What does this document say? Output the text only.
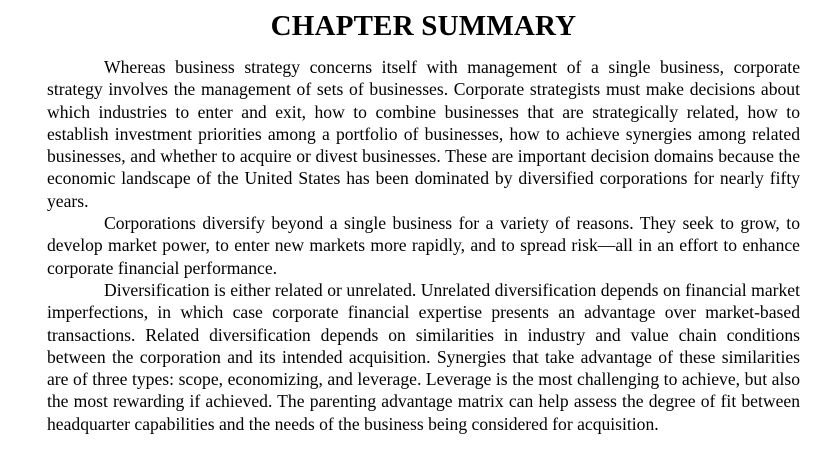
CHAPTER SUMMARY

Whereas business strategy concerns itself with management of a single business, corporate strategy involves the management of sets of businesses. Corporate strategists must make decisions about which industries to enter and exit, how to combine businesses that are strategically related, how to establish investment priorities among a portfolio of businesses, how to achieve synergies among related businesses, and whether to acquire or divest businesses. These are important decision domains because the economic landscape of the United States has been dominated by diversified corporations for nearly fifty years.

Corporations diversify beyond a single business for a variety of reasons. They seek to grow, to develop market power, to enter new markets more rapidly, and to spread risk—all in an effort to enhance corporate financial performance.

Diversification is either related or unrelated. Unrelated diversification depends on financial market imperfections, in which case corporate financial expertise presents an advantage over market-based transactions. Related diversification depends on similarities in industry and value chain conditions between the corporation and its intended acquisition. Synergies that take advantage of these similarities are of three types: scope, economizing, and leverage. Leverage is the most challenging to achieve, but also the most rewarding if achieved. The parenting advantage matrix can help assess the degree of fit between headquarter capabilities and the needs of the business being considered for acquisition.
